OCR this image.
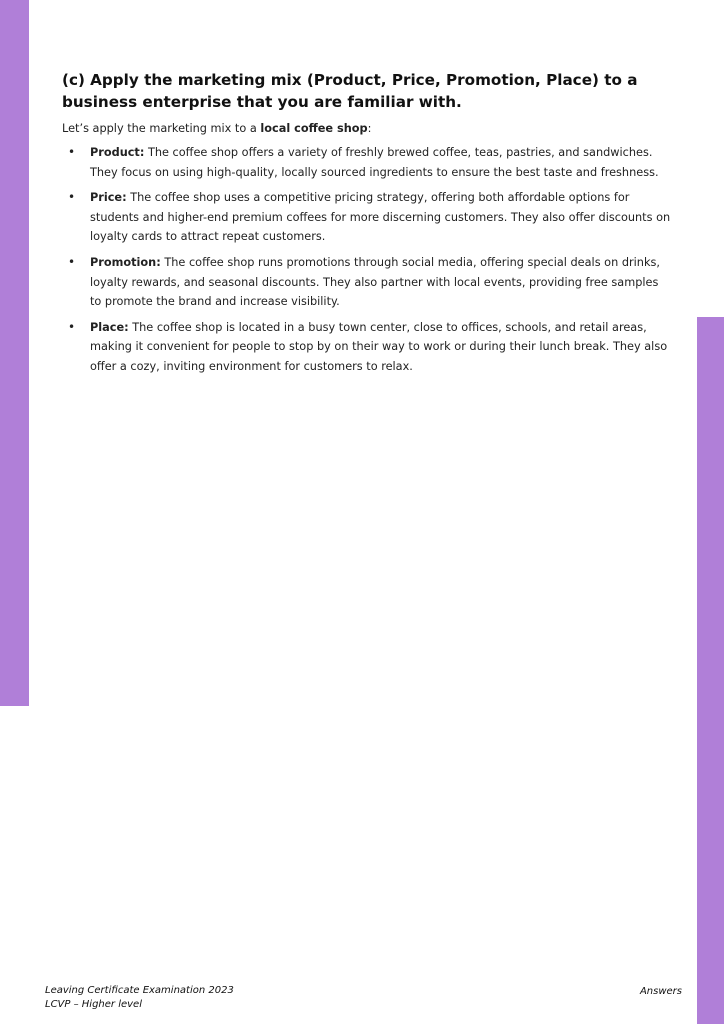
(c) Apply the marketing mix (Product, Price, Promotion, Place) to a business enterprise that you are familiar with.

Let’s apply the marketing mix to a local coffee shop:

• Product: The coffee shop offers a variety of freshly brewed coffee, teas, pastries, and sandwiches. They focus on using high-quality, locally sourced ingredients to ensure the best taste and freshness.
• Price: The coffee shop uses a competitive pricing strategy, offering both affordable options for students and higher-end premium coffees for more discerning customers. They also offer discounts on loyalty cards to attract repeat customers.
• Promotion: The coffee shop runs promotions through social media, offering special deals on drinks, loyalty rewards, and seasonal discounts. They also partner with local events, providing free samples to promote the brand and increase visibility.
• Place: The coffee shop is located in a busy town center, close to offices, schools, and retail areas, making it convenient for people to stop by on their way to work or during their lunch break. They also offer a cozy, inviting environment for customers to relax.
Leaving Certificate Examination 2023
LCVP – Higher level
Answers
